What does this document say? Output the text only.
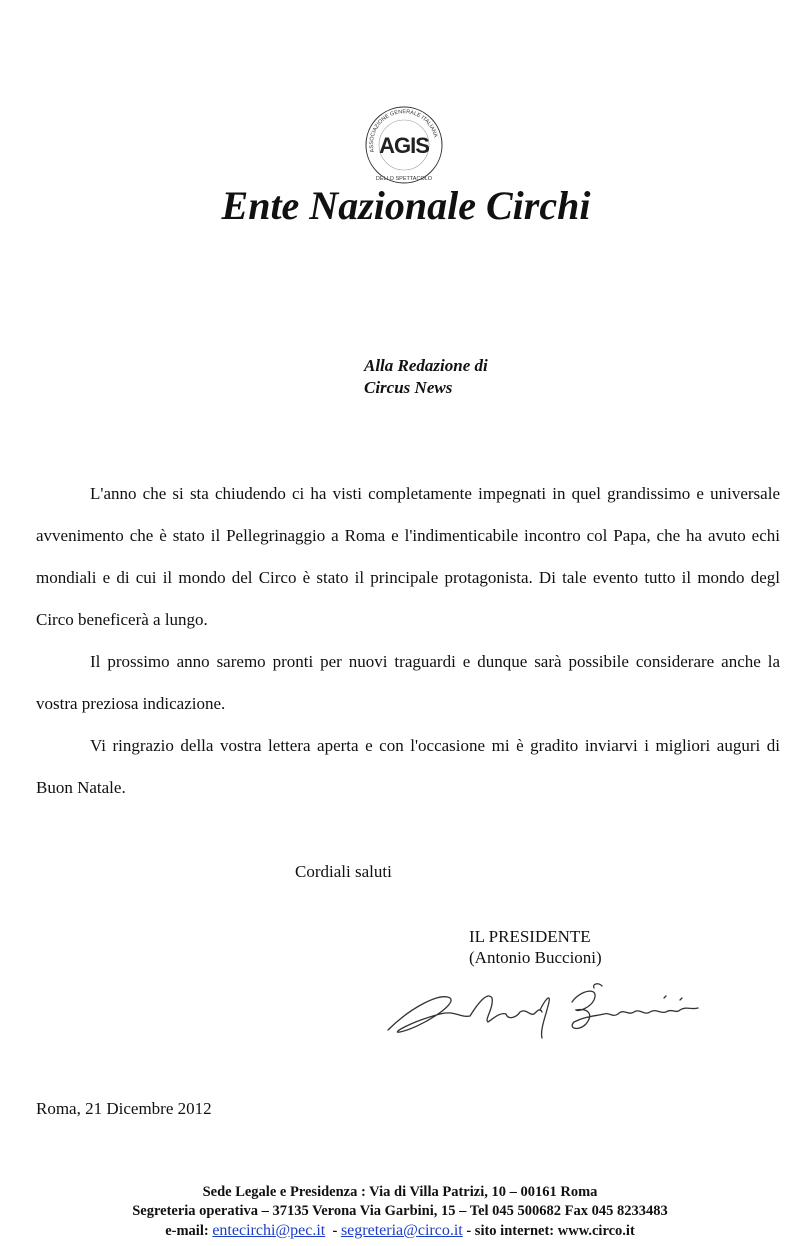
AGIS
ASSOCIAZIONE GENERALE ITALIANA
DELLO SPETTACOLO
Ente Nazionale Circhi
Alla Redazione di
Circus News

L'anno che si sta chiudendo ci ha visti completamente impegnati in quel grandissimo e universale avvenimento che è stato il Pellegrinaggio a Roma e l'indimenticabile incontro col Papa, che ha avuto echi mondiali e di cui il mondo del Circo è stato il principale protagonista. Di tale evento tutto il mondo degl Circo beneficerà a lungo.

Il prossimo anno saremo pronti per nuovi traguardi e dunque sarà possibile considerare anche la vostra preziosa indicazione.

Vi ringrazio della vostra lettera aperta e con l'occasione mi è gradito inviarvi i migliori auguri di Buon Natale.

Cordiali saluti
IL PRESIDENTE
(Antonio Buccioni)
Roma, 21 Dicembre 2012
Sede Legale e Presidenza : Via di Villa Patrizi, 10 – 00161 Roma
Segreteria operativa – 37135 Verona Via Garbini, 15 – Tel 045 500682 Fax 045 8233483
e-mail: entecirchi@pec.it - segreteria@circo.it - sito internet: www.circo.it
